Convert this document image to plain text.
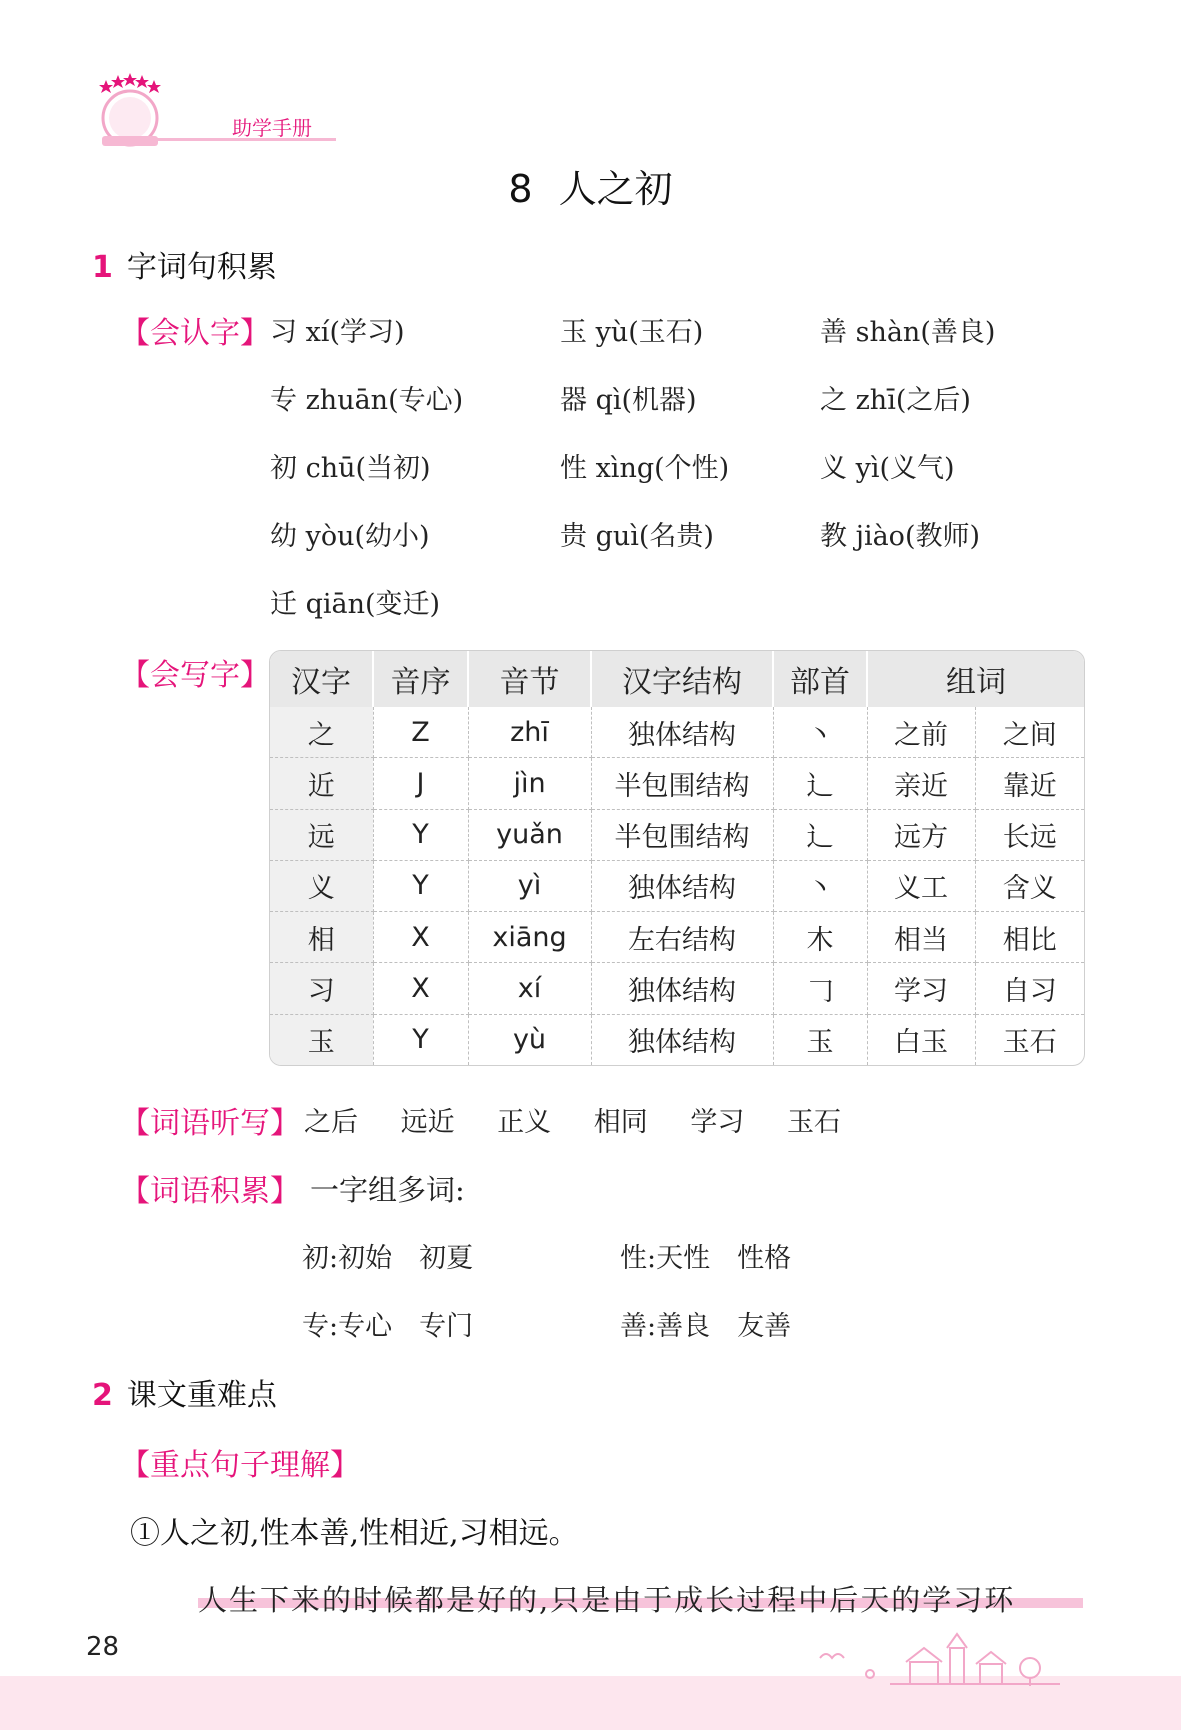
助学手册
8 人之初
1 字词句积累
【会认字】 习 xí(学习)	玉 yù(玉石)	善 shàn(善良)
专 zhuān(专心)	器 qì(机器)	之 zhī(之后)
初 chū(当初)	性 xìng(个性)	义 yì(义气)
幼 yòu(幼小)	贵 guì(名贵)	教 jiào(教师)
迁 qiān(变迁)
【会写字】 汉字	音序	音节	汉字结构	部首	组词	
之	Z	zhī	独体结构	丶	之前	之间
近	J	jìn	半包围结构	辶	亲近	靠近
远	Y	yuǎn	半包围结构	辶	远方	长远
义	Y	yì	独体结构	丶	义工	含义
相	X	xiāng	左右结构	木	相当	相比
习	X	xí	独体结构	𠃌	学习	自习
玉	Y	yù	独体结构	玉	白玉	玉石
【词语听写】 之后 远近 正义 相同 学习 玉石
【词语积累】 一字组多词:
初:初始　初夏	性:天性　性格
专:专心　专门	善:善良　友善
2 课文重难点
【重点句子理解】
①人之初,性本善,性相近,习相远。
人生下来的时候都是好的,只是由于成长过程中后天的学习环
28
